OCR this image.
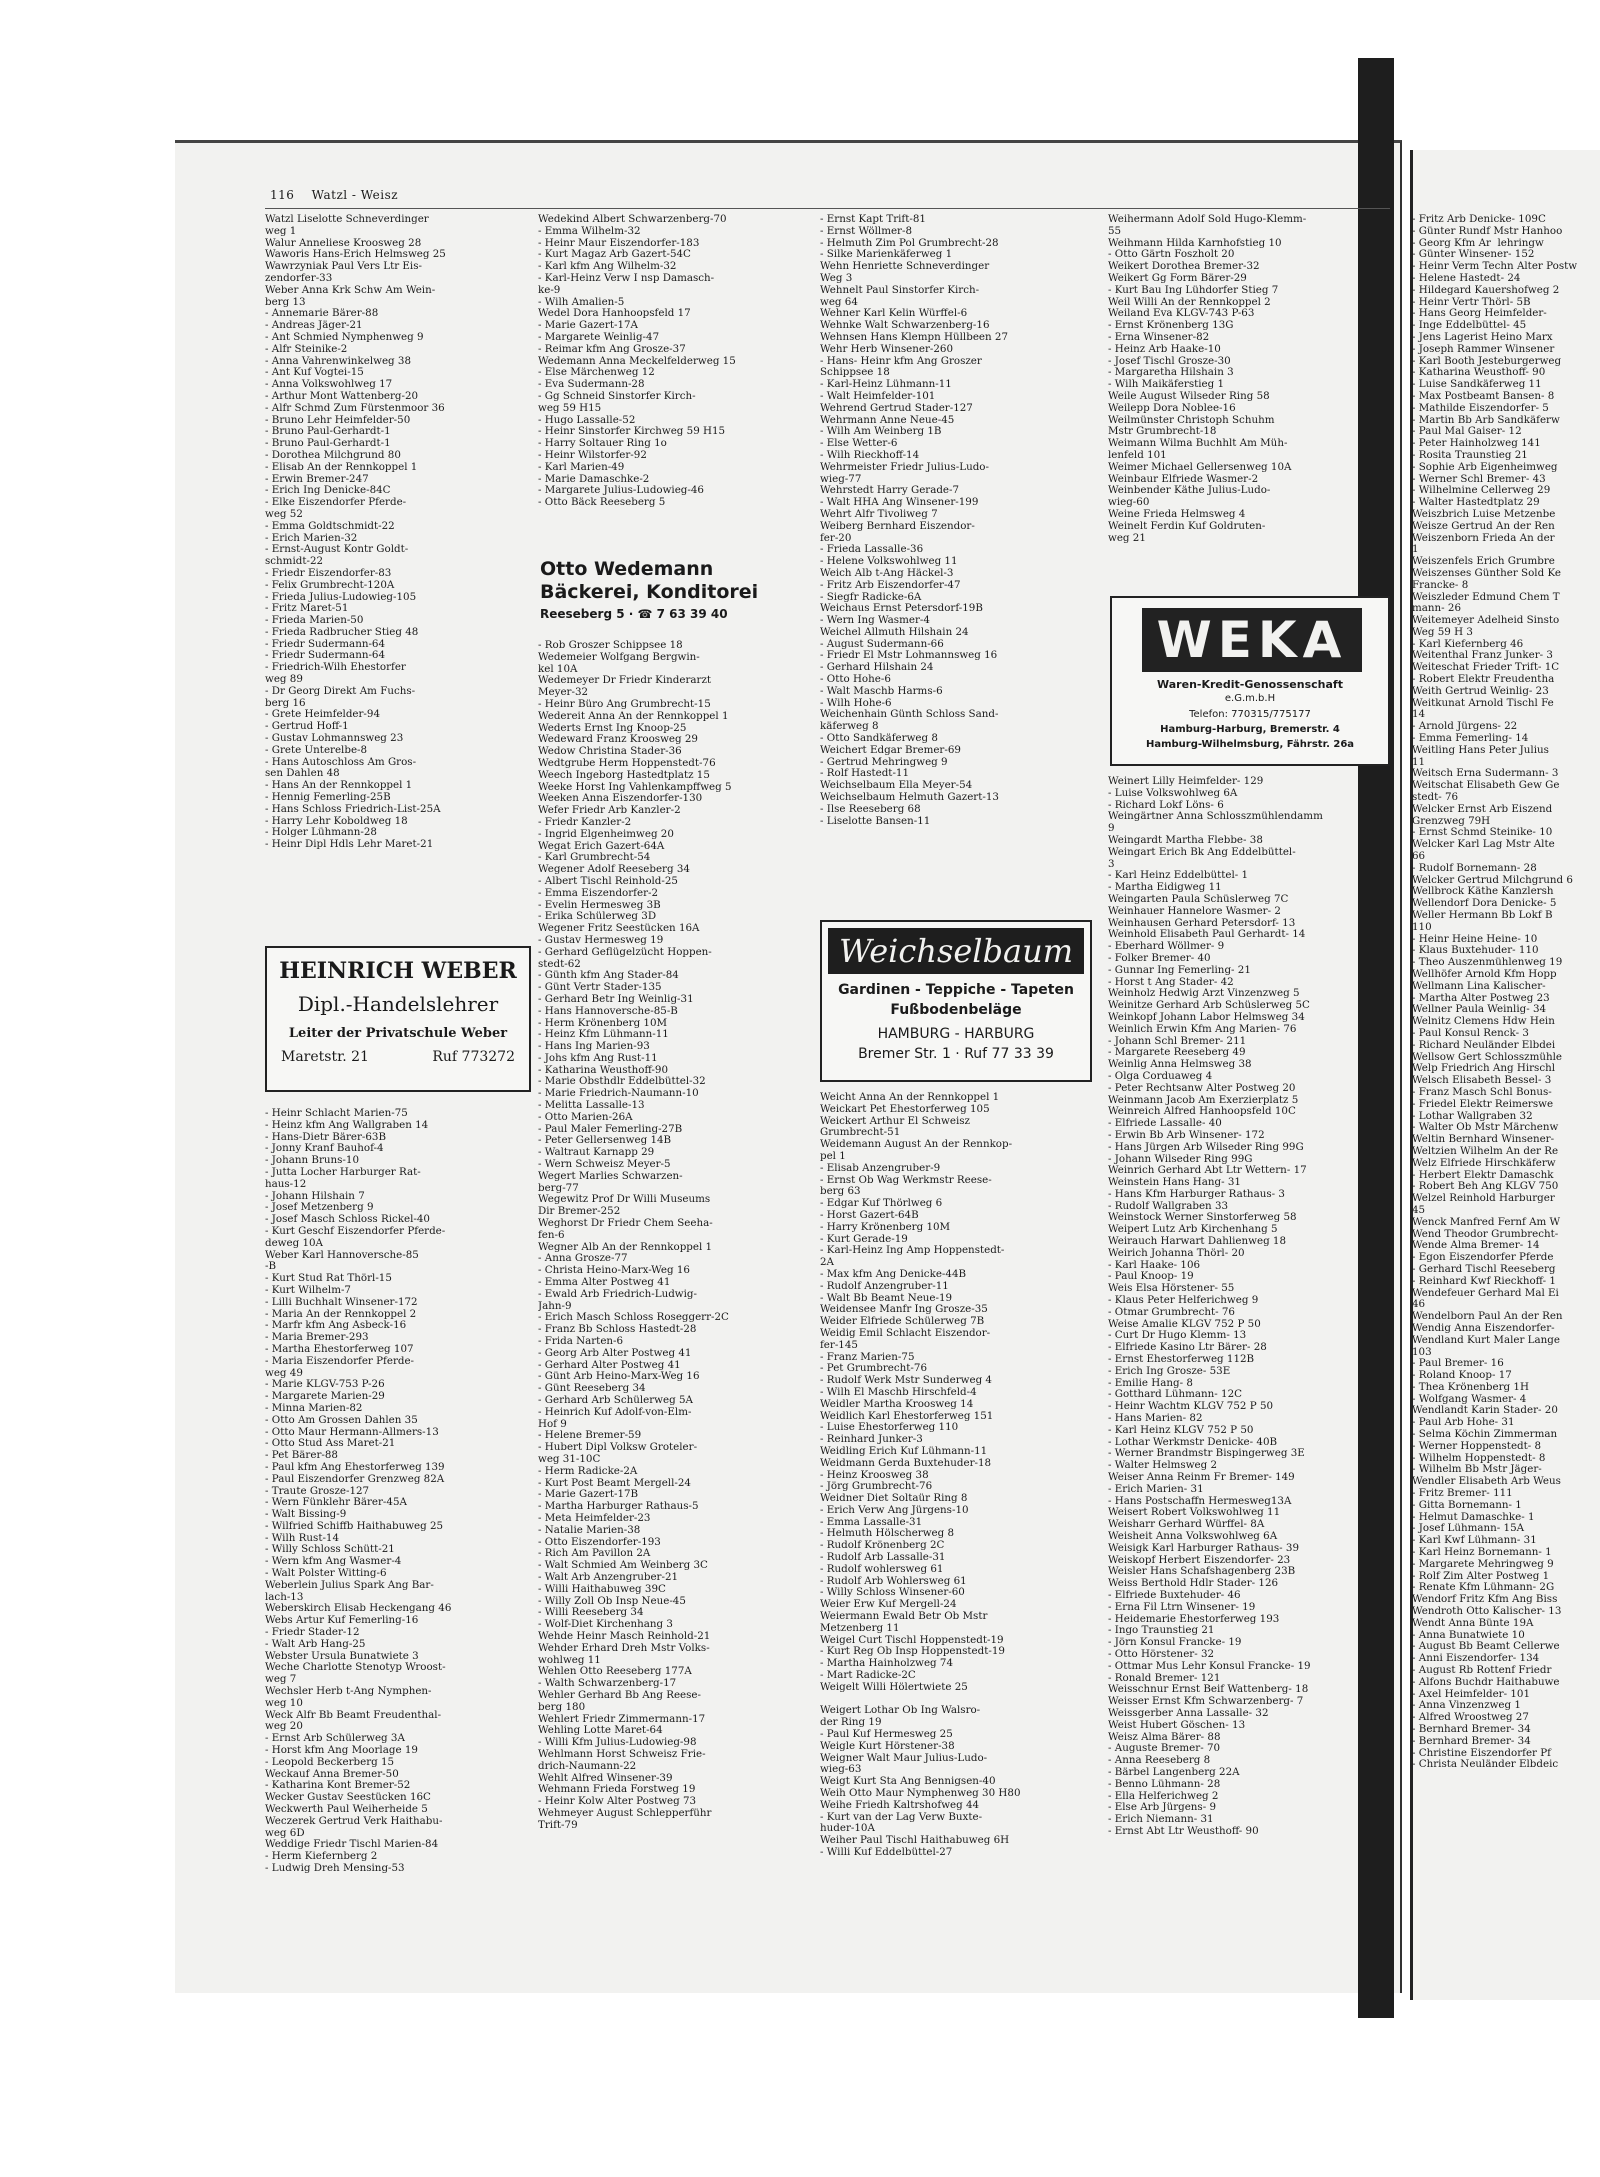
116 Watzl - Weisz
Watzl Liselotte Schneverdinger
weg 1
Walur Anneliese Kroosweg 28
Waworis Hans-Erich Helmsweg 25
Wawrzyniak Paul Vers Ltr Eis-
zendorfer-33
Weber Anna Krk Schw Am Wein-
berg 13
- Annemarie Bärer-88
- Andreas Jäger-21
- Ant Schmied Nymphenweg 9
- Alfr Steinike-2
- Anna Vahrenwinkelweg 38
- Ant Kuf Vogtei-15
- Anna Volkswohlweg 17
- Arthur Mont Wattenberg-20
- Alfr Schmd Zum Fürstenmoor 36
- Bruno Lehr Heimfelder-50
- Bruno Paul-Gerhardt-1
- Bruno Paul-Gerhardt-1
- Dorothea Milchgrund 80
- Elisab An der Rennkoppel 1
- Erwin Bremer-247
- Erich Ing Denicke-84C
- Elke Eiszendorfer Pferde-
weg 52
- Emma Goldtschmidt-22
- Erich Marien-32
- Ernst-August Kontr Goldt-
schmidt-22
- Friedr Eiszendorfer-83
- Felix Grumbrecht-120A
- Frieda Julius-Ludowieg-105
- Fritz Maret-51
- Frieda Marien-50
- Frieda Radbrucher Stieg 48
- Friedr Sudermann-64
- Friedr Sudermann-64
- Friedrich-Wilh Ehestorfer
weg 89
- Dr Georg Direkt Am Fuchs-
berg 16
- Grete Heimfelder-94
- Gertrud Hoff-1
- Gustav Lohmannsweg 23
- Grete Unterelbe-8
- Hans Autoschloss Am Gros-
sen Dahlen 48
- Hans An der Rennkoppel 1
- Hennig Femerling-25B
- Hans Schloss Friedrich-List-25A
- Harry Lehr Koboldweg 18
- Holger Lühmann-28
- Heinr Dipl Hdls Lehr Maret-21
- Heinr Schlacht Marien-75
- Heinz kfm Ang Wallgraben 14
- Hans-Dietr Bärer-63B
- Jonny Kranf Bauhof-4
- Johann Bruns-10
- Jutta Locher Harburger Rat-
haus-12
- Johann Hilshain 7
- Josef Metzenberg 9
- Josef Masch Schloss Rickel-40
- Kurt Geschf Eiszendorfer Pferde-
deweg 10A
Weber Karl Hannoversche-85
-B
- Kurt Stud Rat Thörl-15
- Kurt Wilhelm-7
- Lilli Buchhalt Winsener-172
- Maria An der Rennkoppel 2
- Marfr kfm Ang Asbeck-16
- Maria Bremer-293
- Martha Ehestorferweg 107
- Maria Eiszendorfer Pferde-
weg 49
- Marie KLGV-753 P-26
- Margarete Marien-29
- Minna Marien-82
- Otto Am Grossen Dahlen 35
- Otto Maur Hermann-Allmers-13
- Otto Stud Ass Maret-21
- Pet Bärer-88
- Paul kfm Ang Ehestorferweg 139
- Paul Eiszendorfer Grenzweg 82A
- Traute Grosze-127
- Wern Fünklehr Bärer-45A
- Walt Bissing-9
- Wilfried Schiffb Haithabuweg 25
- Wilh Rust-14
- Willy Schloss Schütt-21
- Wern kfm Ang Wasmer-4
- Walt Polster Witting-6
Weberlein Julius Spark Ang Bar-
lach-13
Weberskirch Elisab Heckengang 46
Webs Artur Kuf Femerling-16
- Friedr Stader-12
- Walt Arb Hang-25
Webster Ursula Bunatwiete 3
Weche Charlotte Stenotyp Wroost-
weg 7
Wechsler Herb t-Ang Nymphen-
weg 10
Weck Alfr Bb Beamt Freudenthal-
weg 20
- Ernst Arb Schülerweg 3A
- Horst kfm Ang Moorlage 19
- Leopold Beckerberg 15
Weckauf Anna Bremer-50
- Katharina Kont Bremer-52
Wecker Gustav Seestücken 16C
Weckwerth Paul Weiherheide 5
Weczerek Gertrud Verk Haithabu-
weg 6D
Weddige Friedr Tischl Marien-84
- Herm Kiefernberg 2
- Ludwig Dreh Mensing-53
Wedekind Albert Schwarzenberg-70
- Emma Wilhelm-32
- Heinr Maur Eiszendorfer-183
- Kurt Magaz Arb Gazert-54C
- Karl kfm Ang Wilhelm-32
- Karl-Heinz Verw I nsp Damasch-
ke-9
- Wilh Amalien-5
Wedel Dora Hanhoopsfeld 17
- Marie Gazert-17A
- Margarete Weinlig-47
- Reimar kfm Ang Grosze-37
Wedemann Anna Meckelfelderweg 15
- Else Märchenweg 12
- Eva Sudermann-28
- Gg Schneid Sinstorfer Kirch-
weg 59 H15
- Hugo Lassalle-52
- Heinr Sinstorfer Kirchweg 59 H15
- Harry Soltauer Ring 1o
- Heinr Wilstorfer-92
- Karl Marien-49
- Marie Damaschke-2
- Margarete Julius-Ludowieg-46
- Otto Bäck Reeseberg 5
- Rob Groszer Schippsee 18
Wedemeier Wolfgang Bergwin-
kel 10A
Wedemeyer Dr Friedr Kinderarzt
Meyer-32
- Heinr Büro Ang Grumbrecht-15
Wedereit Anna An der Rennkoppel 1
Wederts Ernst Ing Knoop-25
Wedeward Franz Kroosweg 29
Wedow Christina Stader-36
Wedtgrube Herm Hoppenstedt-76
Weech Ingeborg Hastedtplatz 15
Weeke Horst Ing Vahlenkampffweg 5
Weeken Anna Eiszendorfer-130
Wefer Friedr Arb Kanzler-2
- Friedr Kanzler-2
- Ingrid Elgenheimweg 20
Wegat Erich Gazert-64A
- Karl Grumbrecht-54
Wegener Adolf Reeseberg 34
- Albert Tischl Reinhold-25
- Emma Eiszendorfer-2
- Evelin Hermesweg 3B
- Erika Schülerweg 3D
Wegener Fritz Seestücken 16A
- Gustav Hermesweg 19
- Gerhard Geflügelzücht Hoppen-
stedt-62
- Günth kfm Ang Stader-84
- Günt Vertr Stader-135
- Gerhard Betr Ing Weinlig-31
- Hans Hannoversche-85-B
- Herm Krönenberg 10M
- Heinz Kfm Lühmann-11
- Hans Ing Marien-93
- Johs kfm Ang Rust-11
- Katharina Weusthoff-90
- Marie Obsthdlr Eddelbüttel-32
- Marie Friedrich-Naumann-10
- Melitta Lassalle-13
- Otto Marien-26A
- Paul Maler Femerling-27B
- Peter Gellersenweg 14B
- Waltraut Karnapp 29
- Wern Schweisz Meyer-5
Wegert Marlies Schwarzen-
berg-77
Wegewitz Prof Dr Willi Museums
Dir Bremer-252
Weghorst Dr Friedr Chem Seeha-
fen-6
Wegner Alb An der Rennkoppel 1
- Anna Grosze-77
- Christa Heino-Marx-Weg 16
- Emma Alter Postweg 41
- Ewald Arb Friedrich-Ludwig-
Jahn-9
- Erich Masch Schloss Roseggerr-2C
- Franz Bb Schloss Hastedt-28
- Frida Narten-6
- Georg Arb Alter Postweg 41
- Gerhard Alter Postweg 41
- Günt Arb Heino-Marx-Weg 16
- Günt Reeseberg 34
- Gerhard Arb Schülerweg 5A
- Heinrich Kuf Adolf-von-Elm-
Hof 9
- Helene Bremer-59
- Hubert Dipl Volksw Groteler-
weg 31-10C
- Herm Radicke-2A
- Kurt Post Beamt Mergell-24
- Marie Gazert-17B
- Martha Harburger Rathaus-5
- Meta Heimfelder-23
- Natalie Marien-38
- Otto Eiszendorfer-193
- Rich Am Pavillon 2A
- Walt Schmied Am Weinberg 3C
- Walt Arb Anzengruber-21
- Willi Haithabuweg 39C
- Willy Zoll Ob Insp Neue-45
- Willi Reeseberg 34
- Wolf-Diet Kirchenhang 3
Wehde Heinr Masch Reinhold-21
Wehder Erhard Dreh Mstr Volks-
wohlweg 11
Wehlen Otto Reeseberg 177A
- Walth Schwarzenberg-17
Wehler Gerhard Bb Ang Reese-
berg 180
Wehlert Friedr Zimmermann-17
Wehling Lotte Maret-64
- Willi Kfm Julius-Ludowieg-98
Wehlmann Horst Schweisz Frie-
drich-Naumann-22
Wehlt Alfred Winsener-39
Wehmann Frieda Forstweg 19
- Heinr Kolw Alter Postweg 73
Wehmeyer August Schlepperführ
Trift-79
- Ernst Kapt Trift-81
- Ernst Wöllmer-8
- Helmuth Zim Pol Grumbrecht-28
- Silke Marienkäferweg 1
Wehn Henriette Schneverdinger
Weg 3
Wehnelt Paul Sinstorfer Kirch-
weg 64
Wehner Karl Kelin Würffel-6
Wehnke Walt Schwarzenberg-16
Wehnsen Hans Klempn Hüllbeen 27
Wehr Herb Winsener-260
- Hans- Heinr kfm Ang Groszer
Schippsee 18
- Karl-Heinz Lühmann-11
- Walt Heimfelder-101
Wehrend Gertrud Stader-127
Wehrmann Anne Neue-45
- Wilh Am Weinberg 1B
- Else Wetter-6
- Wilh Rieckhoff-14
Wehrmeister Friedr Julius-Ludo-
wieg-77
Wehrstedt Harry Gerade-7
- Walt HHA Ang Winsener-199
Wehrt Alfr Tivoliweg 7
Weiberg Bernhard Eiszendor-
fer-20
- Frieda Lassalle-36
- Helene Volkswohlweg 11
Weich Alb t-Ang Häckel-3
- Fritz Arb Eiszendorfer-47
- Siegfr Radicke-6A
Weichaus Ernst Petersdorf-19B
- Wern Ing Wasmer-4
Weichel Allmuth Hilshain 24
- August Sudermann-66
- Friedr El Mstr Lohmannsweg 16
- Gerhard Hilshain 24
- Otto Hohe-6
- Walt Maschb Harms-6
- Wilh Hohe-6
Weichenhain Günth Schloss Sand-
käferweg 8
- Otto Sandkäferweg 8
Weichert Edgar Bremer-69
- Gertrud Mehringweg 9
- Rolf Hastedt-11
Weichselbaum Ella Meyer-54
Weichselbaum Helmuth Gazert-13
- Ilse Reeseberg 68
- Liselotte Bansen-11
Weicht Anna An der Rennkoppel 1
Weickart Pet Ehestorferweg 105
Weickert Arthur El Schweisz
Grumbrecht-51
Weidemann August An der Rennkop-
pel 1
- Elisab Anzengruber-9
- Ernst Ob Wag Werkmstr Reese-
berg 63
- Edgar Kuf Thörlweg 6
- Horst Gazert-64B
- Harry Krönenberg 10M
- Kurt Gerade-19
- Karl-Heinz Ing Amp Hoppenstedt-
2A
- Max kfm Ang Denicke-44B
- Rudolf Anzengruber-11
- Walt Bb Beamt Neue-19
Weidensee Manfr Ing Grosze-35
Weider Elfriede Schülerweg 7B
Weidig Emil Schlacht Eiszendor-
fer-145
- Franz Marien-75
- Pet Grumbrecht-76
- Rudolf Werk Mstr Sunderweg 4
- Wilh El Maschb Hirschfeld-4
Weidler Martha Kroosweg 14
Weidlich Karl Ehestorferweg 151
- Luise Ehestorferweg 110
- Reinhard Junker-3
Weidling Erich Kuf Lühmann-11
Weidmann Gerda Buxtehuder-18
- Heinz Kroosweg 38
- Jörg Grumbrecht-76
Weidner Diet Soltaür Ring 8
- Erich Verw Ang Jürgens-10
- Emma Lassalle-31
- Helmuth Hölscherweg 8
- Rudolf Krönenberg 2C
- Rudolf Arb Lassalle-31
- Rudolf wohlersweg 61
- Rudolf Arb Wohlersweg 61
- Willy Schloss Winsener-60
Weier Erw Kuf Mergell-24
Weiermann Ewald Betr Ob Mstr
Metzenberg 11
Weigel Curt Tischl Hoppenstedt-19
- Kurt Reg Ob Insp Hoppenstedt-19
- Martha Hainholzweg 74
- Mart Radicke-2C
Weigelt Willi Hölertwiete 25

Weigert Lothar Ob Ing Walsro-
der Ring 19
- Paul Kuf Hermesweg 25
Weigle Kurt Hörstener-38
Weigner Walt Maur Julius-Ludo-
wieg-63
Weigt Kurt Sta Ang Bennigsen-40
Weih Otto Maur Nymphenweg 30 H80
Weihe Friedh Kaltrshofweg 44
- Kurt van der Lag Verw Buxte-
huder-10A
Weiher Paul Tischl Haithabuweg 6H
- Willi Kuf Eddelbüttel-27
Weihermann Adolf Sold Hugo-Klemm-
55
Weihmann Hilda Karnhofstieg 10
- Otto Gärtn Foszholt 20
Weikert Dorothea Bremer-32
Weikert Gg Form Bärer-29
- Kurt Bau Ing Lühdorfer Stieg 7
Weil Willi An der Rennkoppel 2
Weiland Eva KLGV-743 P-63
- Ernst Krönenberg 13G
- Erna Winsener-82
- Heinz Arb Haake-10
- Josef Tischl Grosze-30
- Margaretha Hilshain 3
- Wilh Maikäferstieg 1
Weile August Wilseder Ring 58
Weilepp Dora Noblee-16
Weilmünster Christoph Schuhm
Mstr Grumbrecht-18
Weimann Wilma Buchhlt Am Müh-
lenfeld 101
Weimer Michael Gellersenweg 10A
Weinbaur Elfriede Wasmer-2
Weinbender Käthe Julius-Ludo-
wieg-60
Weine Frieda Helmsweg 4
Weinelt Ferdin Kuf Goldruten-
weg 21
Weinert Lilly Heimfelder- 129
- Luise Volkswohlweg 6A
- Richard Lokf Löns- 6
Weingärtner Anna Schlosszmühlendamm
9
Weingardt Martha Flebbe- 38
Weingart Erich Bk Ang Eddelbüttel-
3
- Karl Heinz Eddelbüttel- 1
- Martha Eidigweg 11
Weingarten Paula Schüslerweg 7C
Weinhauer Hannelore Wasmer- 2
Weinhausen Gerhard Petersdorf- 13
Weinhold Elisabeth Paul Gerhardt- 14
- Eberhard Wöllmer- 9
- Folker Bremer- 40
- Gunnar Ing Femerling- 21
- Horst t Ang Stader- 42
Weinholz Hedwig Arzt Vinzenzweg 5
Weinitze Gerhard Arb Schüslerweg 5C
Weinkopf Johann Labor Helmsweg 34
Weinlich Erwin Kfm Ang Marien- 76
- Johann Schl Bremer- 211
- Margarete Reeseberg 49
Weinlig Anna Helmsweg 38
- Olga Corduaweg 4
- Peter Rechtsanw Alter Postweg 20
Weinmann Jacob Am Exerzierplatz 5
Weinreich Alfred Hanhoopsfeld 10C
- Elfriede Lassalle- 40
- Erwin Bb Arb Winsener- 172
- Hans Jürgen Arb Wilseder Ring 99G
- Johann Wilseder Ring 99G
Weinrich Gerhard Abt Ltr Wettern- 17
Weinstein Hans Hang- 31
- Hans Kfm Harburger Rathaus- 3
- Rudolf Wallgraben 33
Weinstock Werner Sinstorferweg 58
Weipert Lutz Arb Kirchenhang 5
Weirauch Harwart Dahlienweg 18
Weirich Johanna Thörl- 20
- Karl Haake- 106
- Paul Knoop- 19
Weis Elsa Hörstener- 55
- Klaus Peter Helferichweg 9
- Otmar Grumbrecht- 76
Weise Amalie KLGV 752 P 50
- Curt Dr Hugo Klemm- 13
- Elfriede Kasino Ltr Bärer- 28
- Ernst Ehestorferweg 112B
- Erich Ing Grosze- 53E
- Emilie Hang- 8
- Gotthard Lühmann- 12C
- Heinr Wachtm KLGV 752 P 50
- Hans Marien- 82
- Karl Heinz KLGV 752 P 50
- Lothar Werkmstr Denicke- 40B
- Werner Brandmstr Bispingerweg 3E
- Walter Helmsweg 2
Weiser Anna Reinm Fr Bremer- 149
- Erich Marien- 31
- Hans Postschaffn Hermesweg13A
Weisert Robert Volkswohlweg 11
Weisharr Gerhard Würffel- 8A
Weisheit Anna Volkswohlweg 6A
Weisigk Karl Harburger Rathaus- 39
Weiskopf Herbert Eiszendorfer- 23
Weisler Hans Schafshagenberg 23B
Weiss Berthold Hdlr Stader- 126
- Elfriede Buxtehuder- 46
- Erna Fil Ltrn Winsener- 19
- Heidemarie Ehestorferweg 193
- Ingo Traunstieg 21
- Jörn Konsul Francke- 19
- Otto Hörstener- 32
- Ottmar Mus Lehr Konsul Francke- 19
- Ronald Bremer- 121
Weisschnur Ernst Beif Wattenberg- 18
Weisser Ernst Kfm Schwarzenberg- 7
Weissgerber Anna Lassalle- 32
Weist Hubert Göschen- 13
Weisz Alma Bärer- 88
- Auguste Bremer- 70
- Anna Reeseberg 8
- Bärbel Langenberg 22A
- Benno Lühmann- 28
- Ella Helferichweg 2
- Else Arb Jürgens- 9
- Erich Niemann- 31
- Ernst Abt Ltr Weusthoff- 90
- Fritz Arb Denicke- 109C
- Günter Rundf Mstr Hanhoo
- Georg Kfm Ar  lehringw
- Günter Winsener- 152
- Heinr Verm Techn Alter Postw
- Helene Hastedt- 24
- Hildegard Kauershofweg 2
- Heinr Vertr Thörl- 5B
- Hans Georg Heimfelder-
- Inge Eddelbüttel- 45
- Jens Lagerist Heino Marx
- Joseph Rammer Winsener
- Karl Booth Jesteburgerweg
- Katharina Weusthoff- 90
- Luise Sandkäferweg 11
- Max Postbeamt Bansen- 8
- Mathilde Eiszendorfer- 5
- Martin Bb Arb Sandkäferw
- Paul Mal Gaiser- 12
- Peter Hainholzweg 141
- Rosita Traunstieg 21
- Sophie Arb Eigenheimweg
- Werner Schl Bremer- 43
- Wilhelmine Cellerweg 29
- Walter Hastedtplatz 29
Weiszbrich Luise Metzenbe
Weisze Gertrud An der Ren
Weiszenborn Frieda An der
1
Weiszenfels Erich Grumbre
Weiszenses Günther Sold Ke
Francke- 8
Weiszleder Edmund Chem T
mann- 26
Weitemeyer Adelheid Sinsto
Weg 59 H 3
- Karl Kiefernberg 46
Weitenthal Franz Junker- 3
Weiteschat Frieder Trift- 1C
- Robert Elektr Freudentha
Weith Gertrud Weinlig- 23
Weitkunat Arnold Tischl Fe
14
- Arnold Jürgens- 22
- Emma Femerling- 14
Weitling Hans Peter Julius
11
Weitsch Erna Sudermann- 3
Weitschat Elisabeth Gew Ge
stedt- 76
Welcker Ernst Arb Eiszend
Grenzweg 79H
- Ernst Schmd Steinike- 10
Welcker Karl Lag Mstr Alte
66
- Rudolf Bornemann- 28
Welcker Gertrud Milchgrund 6
Wellbrock Käthe Kanzlersh
Wellendorf Dora Denicke- 5
Weller Hermann Bb Lokf B
110
- Heinr Heine Heine- 10
- Klaus Buxtehuder- 110
- Theo Auszenmühlenweg 19
Wellhöfer Arnold Kfm Hopp
Wellmann Lina Kalischer-
- Martha Alter Postweg 23
Wellner Paula Weinlig- 34
Welnitz Clemens Hdw Hein
- Paul Konsul Renck- 3
- Richard Neuländer Elbdei
Wellsow Gert Schlosszmühle
Welp Friedrich Ang Hirschl
Welsch Elisabeth Bessel- 3
- Franz Masch Schl Bonus-
- Friedel Elektr Reimerswe
- Lothar Wallgraben 32
- Walter Ob Mstr Märchenw
Weltin Bernhard Winsener-
Weltzien Wilhelm An der Re
Welz Elfriede Hirschkäferw
- Herbert Elektr Damaschk
- Robert Beh Ang KLGV 750
Welzel Reinhold Harburger
45
Wenck Manfred Fernf Am W
Wend Theodor Grumbrecht-
Wende Alma Bremer- 14
- Egon Eiszendorfer Pferde
- Gerhard Tischl Reeseberg
- Reinhard Kwf Rieckhoff- 1
Wendefeuer Gerhard Mal Ei
46
Wendelborn Paul An der Ren
Wendig Anna Eiszendorfer-
Wendland Kurt Maler Lange
103
- Paul Bremer- 16
- Roland Knoop- 17
- Thea Krönenberg 1H
- Wolfgang Wasmer- 4
Wendlandt Karin Stader- 20
- Paul Arb Hohe- 31
- Selma Köchin Zimmerman
- Werner Hoppenstedt- 8
- Wilhelm Hoppenstedt- 8
- Wilhelm Bb Mstr Jäger-
Wendler Elisabeth Arb Weus
- Fritz Bremer- 111
- Gitta Bornemann- 1
- Helmut Damaschke- 1
- Josef Lühmann- 15A
- Karl Kwf Lühmann- 31
- Karl Heinz Bornemann- 1
- Margarete Mehringweg 9
- Rolf Zim Alter Postweg 1
- Renate Kfm Lühmann- 2G
Wendorf Fritz Kfm Ang Biss
Wendroth Otto Kalischer- 13
Wendt Anna Bünte 19A
- Anna Bunatwiete 10
- August Bb Beamt Cellerwe
- Anni Eiszendorfer- 134
- August Rb Rottenf Friedr
- Alfons Buchdr Haithabuwe
- Axel Heimfelder- 101
- Anna Vinzenzweg 1
- Alfred Wroostweg 27
- Bernhard Bremer- 34
- Bernhard Bremer- 34
- Christine Eiszendorfer Pf
- Christa Neuländer Elbdeic
HEINRICH WEBER
Dipl.-Handelslehrer
Leiter der Privatschule Weber
Maretstr. 21	Ruf 773272
Otto Wedemann
Bäckerei, Konditorei
Reeseberg 5 · ☎ 7 63 39 40	WEKA
Waren-Kredit-Genossenschaft
e.G.m.b.H
Telefon: 770315/775177
Hamburg-Harburg, Bremerstr. 4
Hamburg-Wilhelmsburg, Fährstr. 26a
Weichselbaum
Gardinen - Teppiche - Tapeten
Fußbodenbeläge
HAMBURG - HARBURG
Bremer Str. 1 · Ruf 77 33 39
